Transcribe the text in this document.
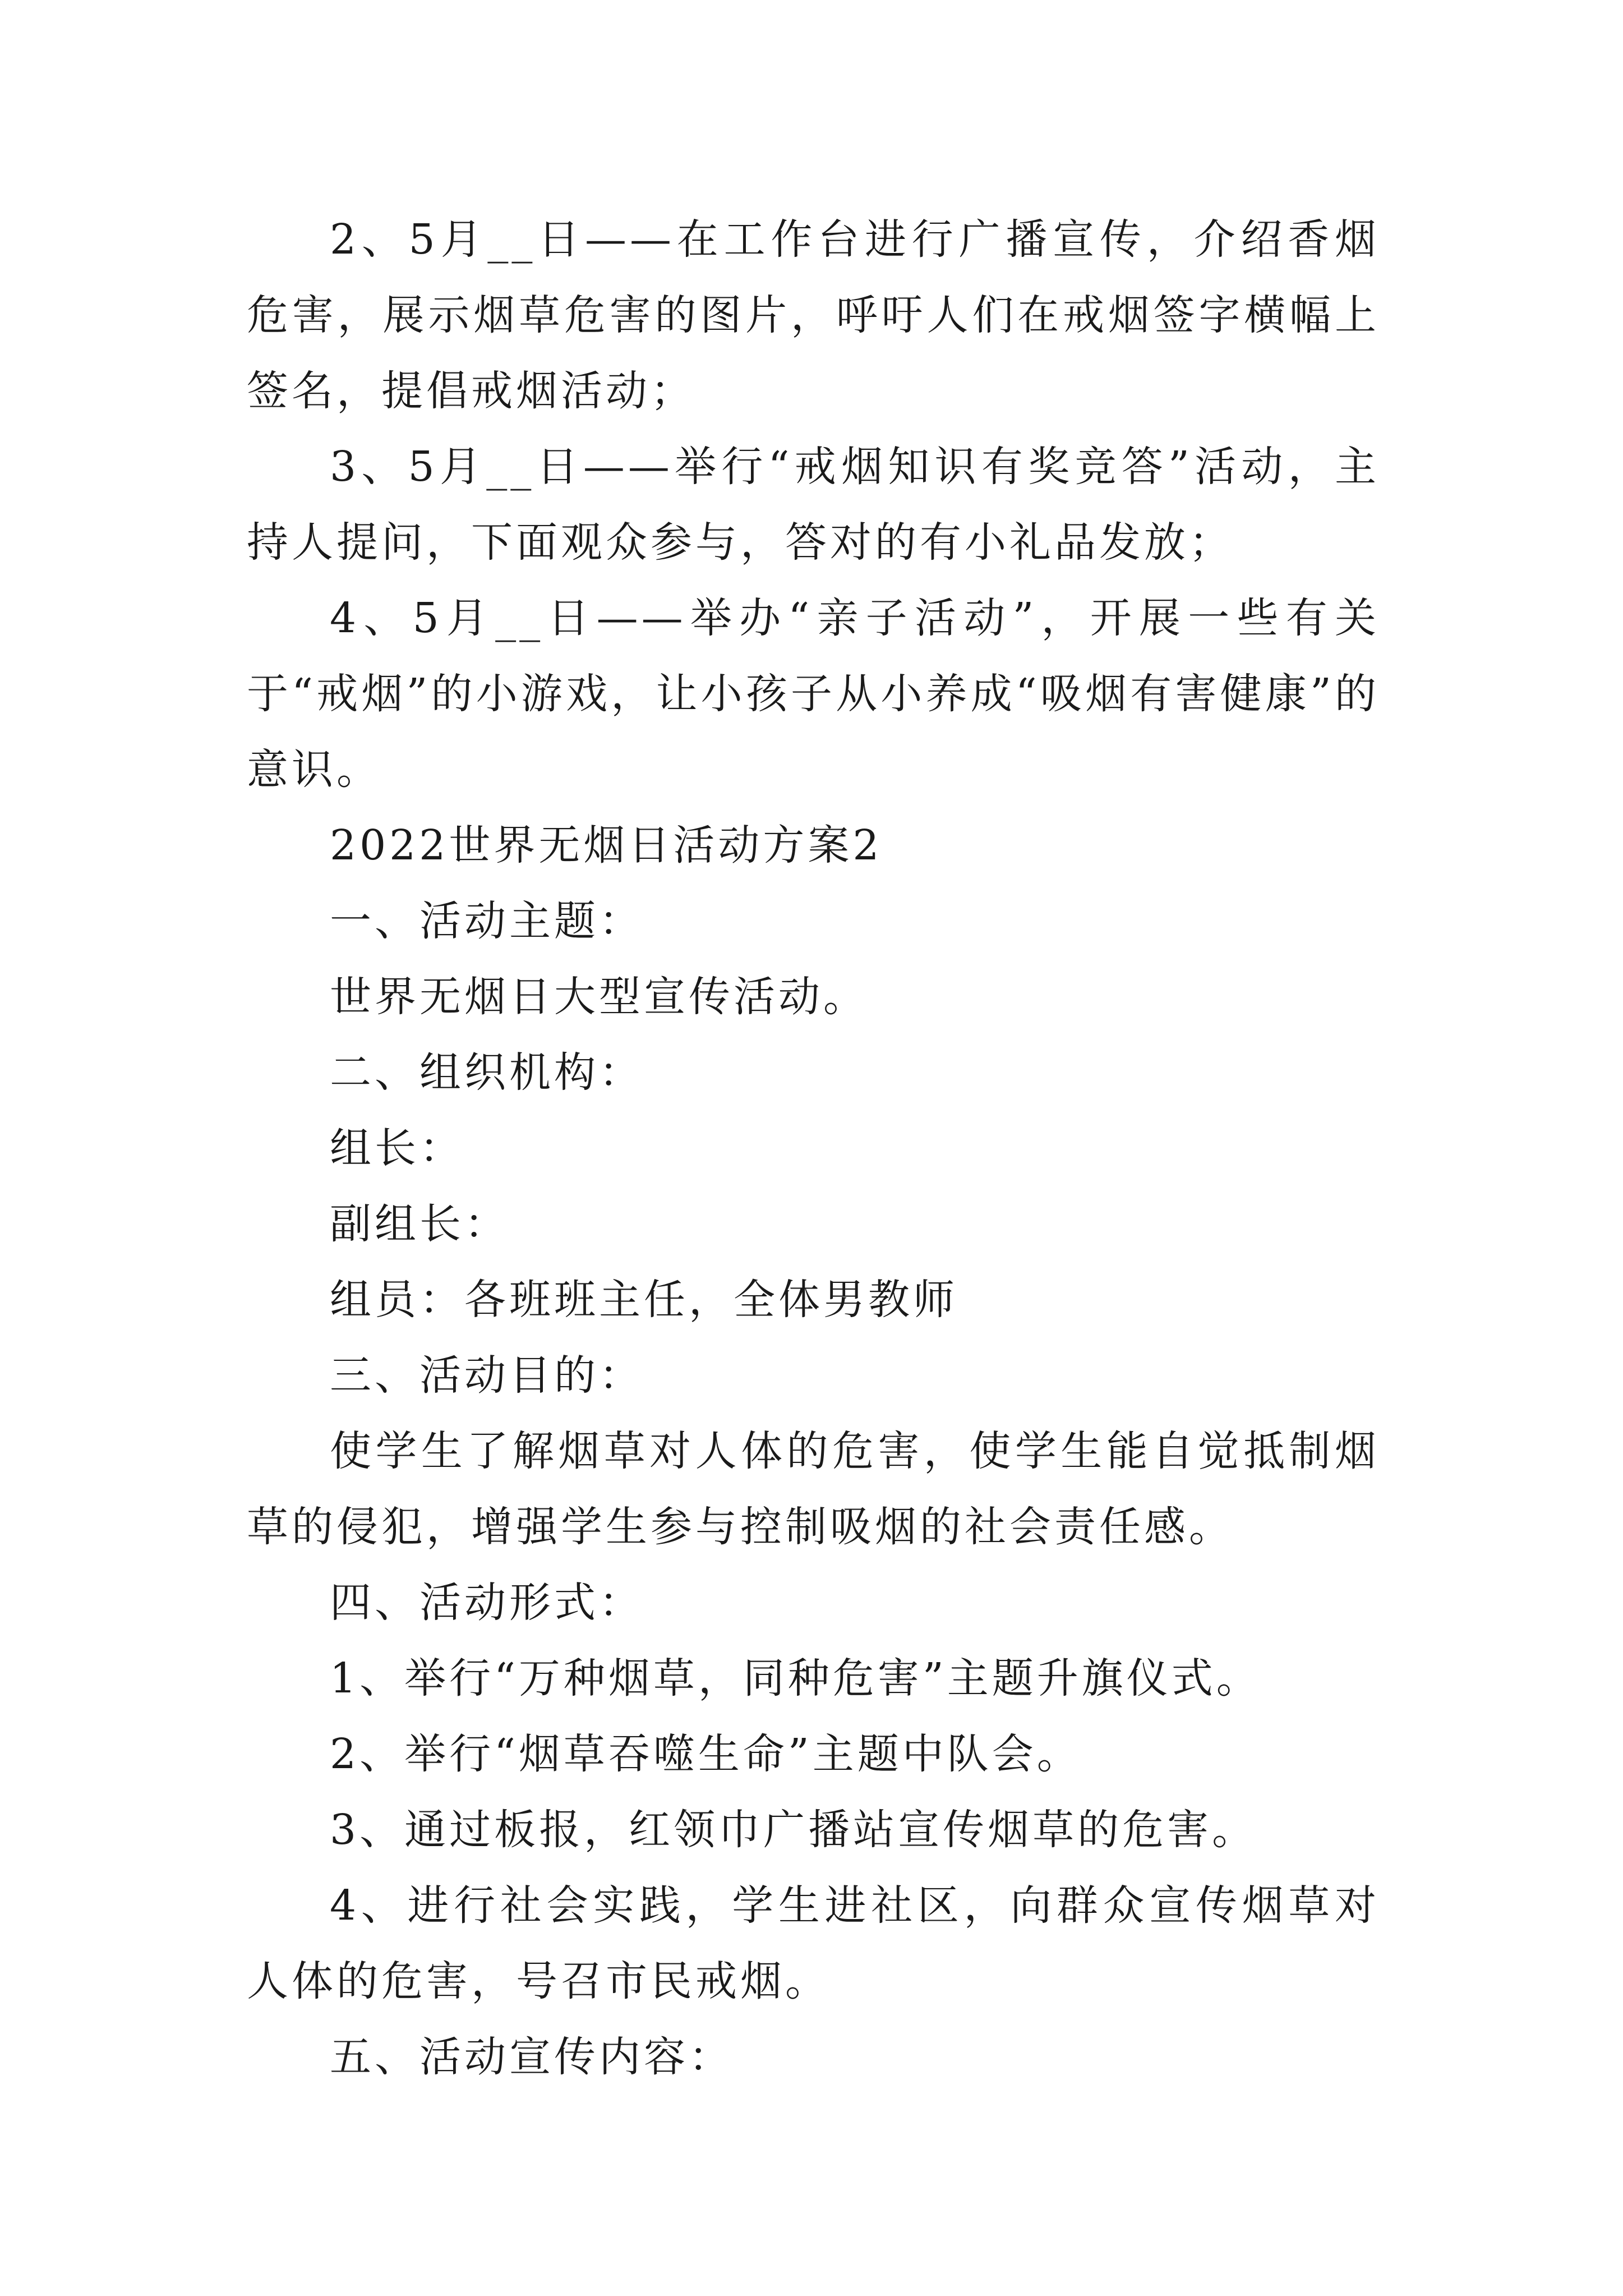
2、5月__日——在工作台进行广播宣传，介绍香烟危害，展示烟草危害的图片，呼吁人们在戒烟签字横幅上签名，提倡戒烟活动；

3、5月__日——举行“戒烟知识有奖竞答”活动，主持人提问，下面观众参与，答对的有小礼品发放；

4、5月__日——举办“亲子活动”，开展一些有关于“戒烟”的小游戏，让小孩子从小养成“吸烟有害健康”的意识。

2022世界无烟日活动方案2

一、活动主题：

世界无烟日大型宣传活动。

二、组织机构：

组长：

副组长：

组员：各班班主任，全体男教师

三、活动目的：

使学生了解烟草对人体的危害，使学生能自觉抵制烟草的侵犯，增强学生参与控制吸烟的社会责任感。

四、活动形式：

1、举行“万种烟草，同种危害”主题升旗仪式。

2、举行“烟草吞噬生命”主题中队会。

3、通过板报，红领巾广播站宣传烟草的危害。

4、进行社会实践，学生进社区，向群众宣传烟草对人体的危害，号召市民戒烟。

五、活动宣传内容：
